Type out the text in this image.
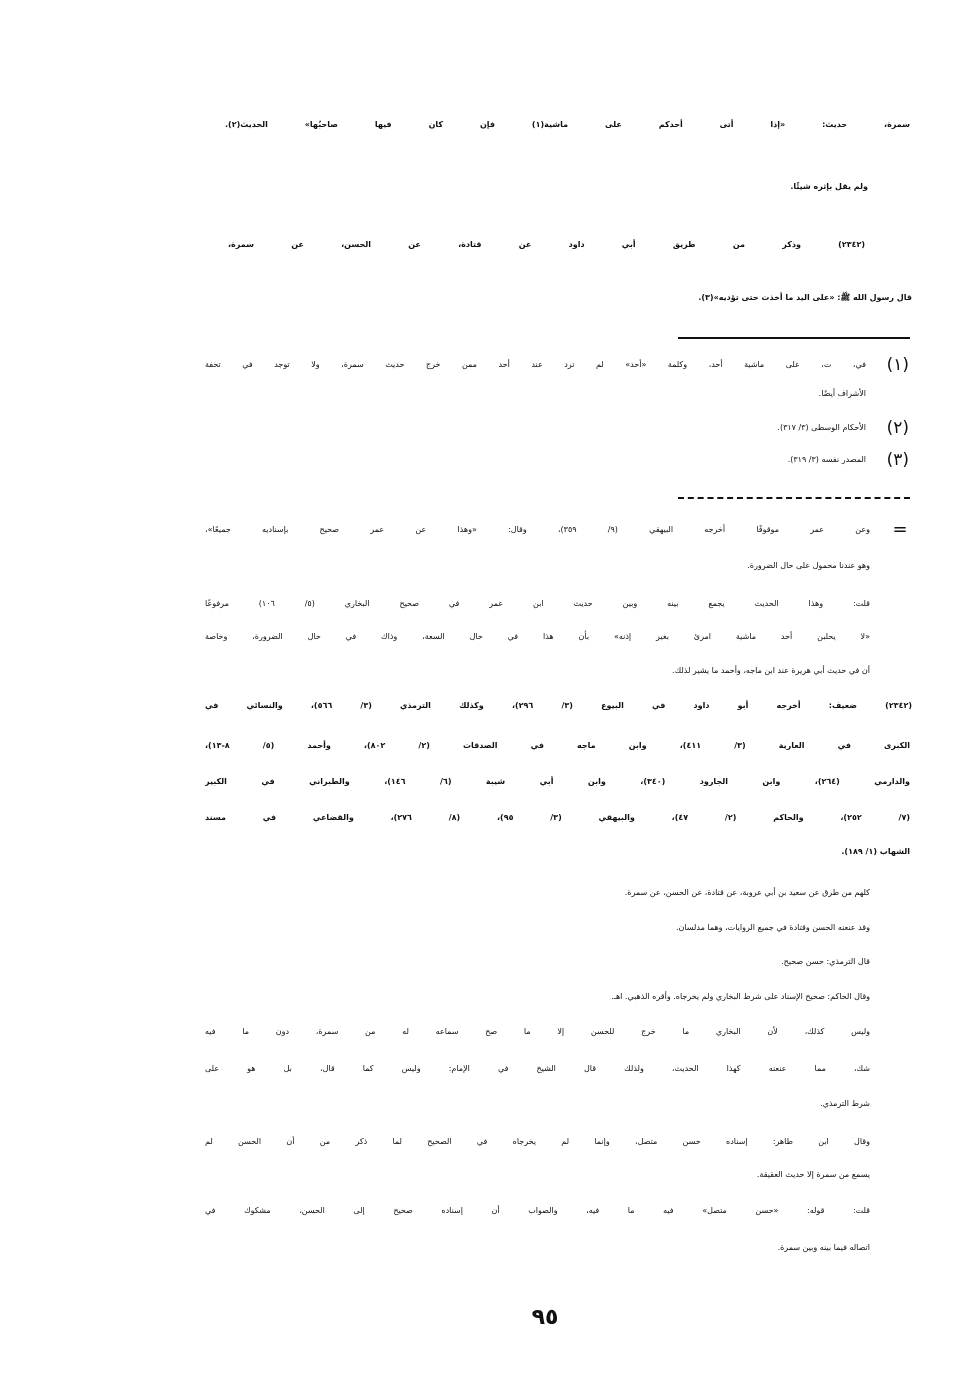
سمرة، حديث: «إذا أتى أحدكم على ماشية(١) فإن كان فيها صاحبُها» الحديث(٢).
ولم يقل بإثره شيئًا.
(٢٣٤٢) وذكر من طريق أبي داود عن قتادة، عن الحسن، عن سمرة،
قال رسول الله ﷺ: «على اليد ما أخذت حتى تؤديه»(٣).
(١)
في، ت، على ماشية أحد، وكلمة «أحد» لم ترد عند أحد ممن خرج حديث سمرة، ولا توجد في تحفة
الأشراف أيضًا.
(٢)
الأحكام الوسطى (٣/ ٣١٧).
(٣)
المصدر نفسه (٣/ ٣١٩).
=
وعن عمر موقوفًا أخرجه البيهقي (٩/ ٣٥٩)، وقال: «وهذا عن عمر صحيح بإسناديه جميعًا»،
وهو عندنا محمول على حال الضرورة.
قلت: وهذا الحديث يجمع بينه وبين حديث ابن عمر في صحيح البخاري (٥/ ١٠٦) مرفوعًا
«لا يحلبن أحد ماشية امرئ بغير إذنه» بأن هذا في حال السعة، وذاك في حال الضرورة، وخاصة
أن في حديث أبي هريرة عند ابن ماجه، وأحمد ما يشير لذلك.
(٢٣٤٢) ضعيف: أخرجه أبو داود في البيوع (٣/ ٢٩٦)، وكذلك الترمذي (٣/ ٥٦٦)، والنسائي في
الكبرى في العارية (٣/ ٤١١)، وابن ماجه في الصدقات (٢/ ٨٠٢)، وأحمد (٥/ ٨-١٣)،
والدارمي (٢٦٤)، وابن الجارود (٣٤٠)، وابن أبي شيبة (٦/ ١٤٦)، والطبراني في الكبير
(٧/ ٢٥٢)، والحاكم (٢/ ٤٧)، والبيهقي (٣/ ٩٥)، (٨/ ٢٧٦)، والقضاعي في مسند
الشهاب (١/ ١٨٩).
كلهم من طرق عن سعيد بن أبي عروبة، عن قتادة، عن الحسن، عن سمرة.
وقد عنعنه الحسن وقتادة في جميع الروايات، وهما مدلسان.
قال الترمذي: حسن صحيح.
وقال الحاكم: صحيح الإسناد على شرط البخاري ولم يخرجاه. وأقره الذهبي. اهـ.
وليس كذلك، لأن البخاري ما خرج للحسن إلا ما صح سماعه له من سمرة، دون ما فيه
شك، مما عنعنه كهذا الحديث، ولذلك قال الشيخ في الإمام: وليس كما قال، بل هو على
شرط الترمذي.
وقال ابن طاهر: إسناده حسن متصل، وإنما لم يخرجاه في الصحيح لما ذكر من أن الحسن لم
يسمع من سمرة إلا حديث العقيقة.
قلت: قوله: «حسن متصل» فيه ما فيه، والصواب أن إسناده صحيح إلى الحسن، مشكوك في
اتصاله فيما بينه وبين سمرة.
٩٥
